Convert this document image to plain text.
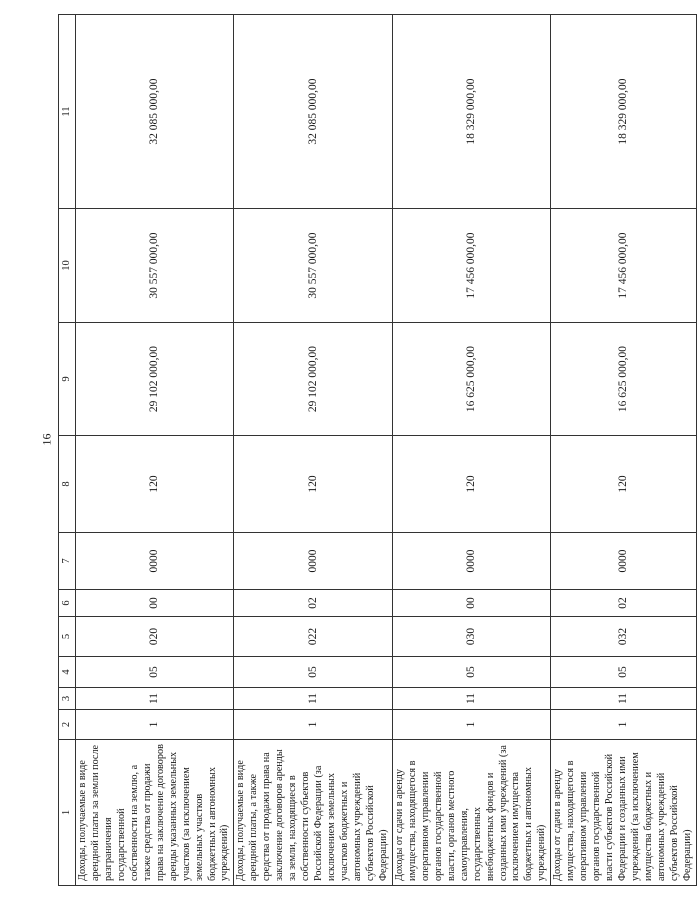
16
1	2	3	4	5	6	7	8	9	10	11
Доходы, получаемые в виде арендной платы за земли после разграничения государственной собственности на землю, а также средства от продажи права на заключение договоров аренды указанных земельных участков (за исключением земельных участков бюджетных и автономных учреждений)	1	11	05	020	00	0000	120	29 102 000,00	30 557 000,00	32 085 000,00
Доходы, получаемые в виде арендной платы, а также средства от продажи права на заключение договоров аренды за земли, находящиеся в собственности субъектов Российской Федерации (за исключением земельных участков бюджетных и автономных учреждений субъектов Российской Федерации)	1	11	05	022	02	0000	120	29 102 000,00	30 557 000,00	32 085 000,00
Доходы от сдачи в аренду имущества, находящегося в оперативном управлении органов государственной власти, органов местного самоуправления, государственных внебюджетных фондов и созданных ими учреждений (за исключением имущества бюджетных и автономных учреждений)	1	11	05	030	00	0000	120	16 625 000,00	17 456 000,00	18 329 000,00
Доходы от сдачи в аренду имущества, находящегося в оперативном управлении органов государственной власти субъектов Российской Федерации и созданных ими учреждений (за исключением имущества бюджетных и автономных учреждений субъектов Российской Федерации)	1	11	05	032	02	0000	120	16 625 000,00	17 456 000,00	18 329 000,00
